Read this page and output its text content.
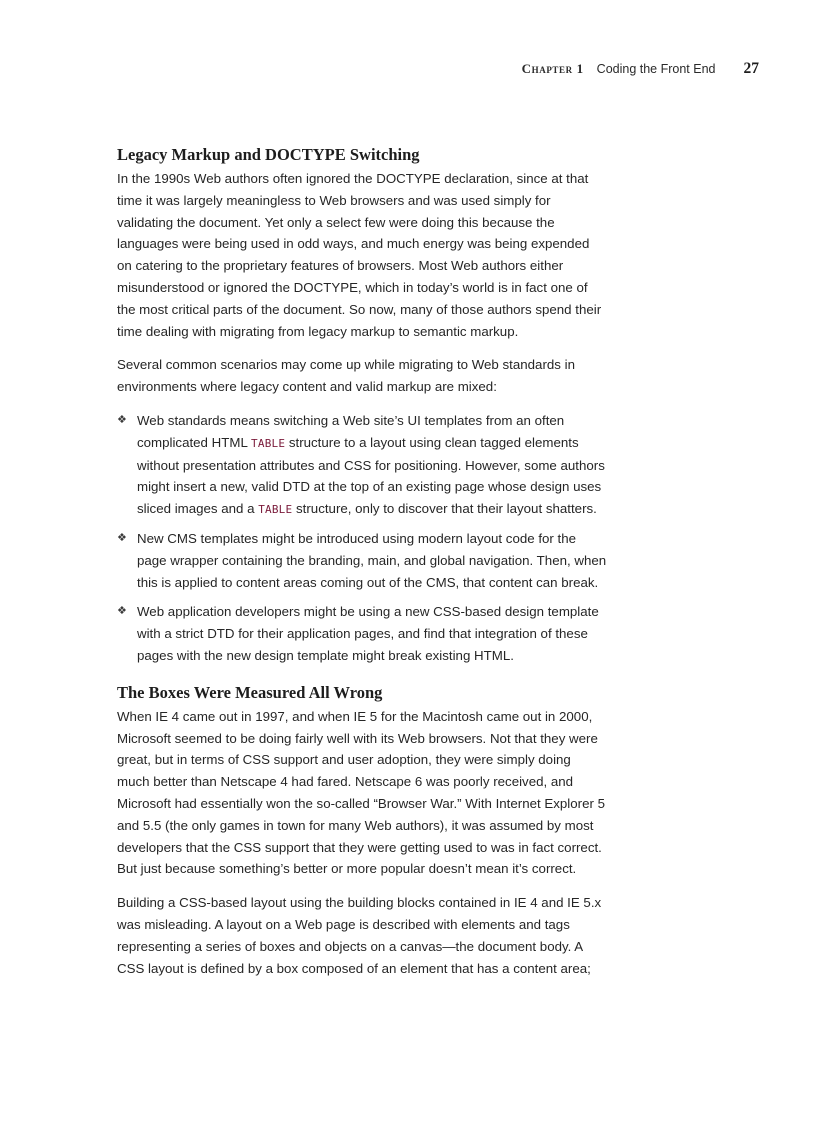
Chapter 1 Coding the Front End 27
Legacy Markup and DOCTYPE Switching

In the 1990s Web authors often ignored the DOCTYPE declaration, since at that time it was largely meaningless to Web browsers and was used simply for validating the document. Yet only a select few were doing this because the languages were being used in odd ways, and much energy was being expended on catering to the proprietary features of browsers. Most Web authors either misunderstood or ignored the DOCTYPE, which in today’s world is in fact one of the most critical parts of the document. So now, many of those authors spend their time dealing with migrating from legacy markup to semantic markup.

Several common scenarios may come up while migrating to Web standards in environments where legacy content and valid markup are mixed:

❖ Web standards means switching a Web site’s UI templates from an often complicated HTML TABLE structure to a layout using clean tagged elements without presentation attributes and CSS for positioning. However, some authors might insert a new, valid DTD at the top of an existing page whose design uses sliced images and a TABLE structure, only to discover that their layout shatters.
❖ New CMS templates might be introduced using modern layout code for the page wrapper containing the branding, main, and global navigation. Then, when this is applied to content areas coming out of the CMS, that content can break.
❖ Web application developers might be using a new CSS-based design template with a strict DTD for their application pages, and find that integration of these pages with the new design template might break existing HTML.
The Boxes Were Measured All Wrong

When IE 4 came out in 1997, and when IE 5 for the Macintosh came out in 2000, Microsoft seemed to be doing fairly well with its Web browsers. Not that they were great, but in terms of CSS support and user adoption, they were simply doing much better than Netscape 4 had fared. Netscape 6 was poorly received, and Microsoft had essentially won the so-called “Browser War.” With Internet Explorer 5 and 5.5 (the only games in town for many Web authors), it was assumed by most developers that the CSS support that they were getting used to was in fact correct. But just because something’s better or more popular doesn’t mean it’s correct.

Building a CSS-based layout using the building blocks contained in IE 4 and IE 5.x was misleading. A layout on a Web page is described with elements and tags representing a series of boxes and objects on a canvas—the document body. A CSS layout is defined by a box composed of an element that has a content area;
